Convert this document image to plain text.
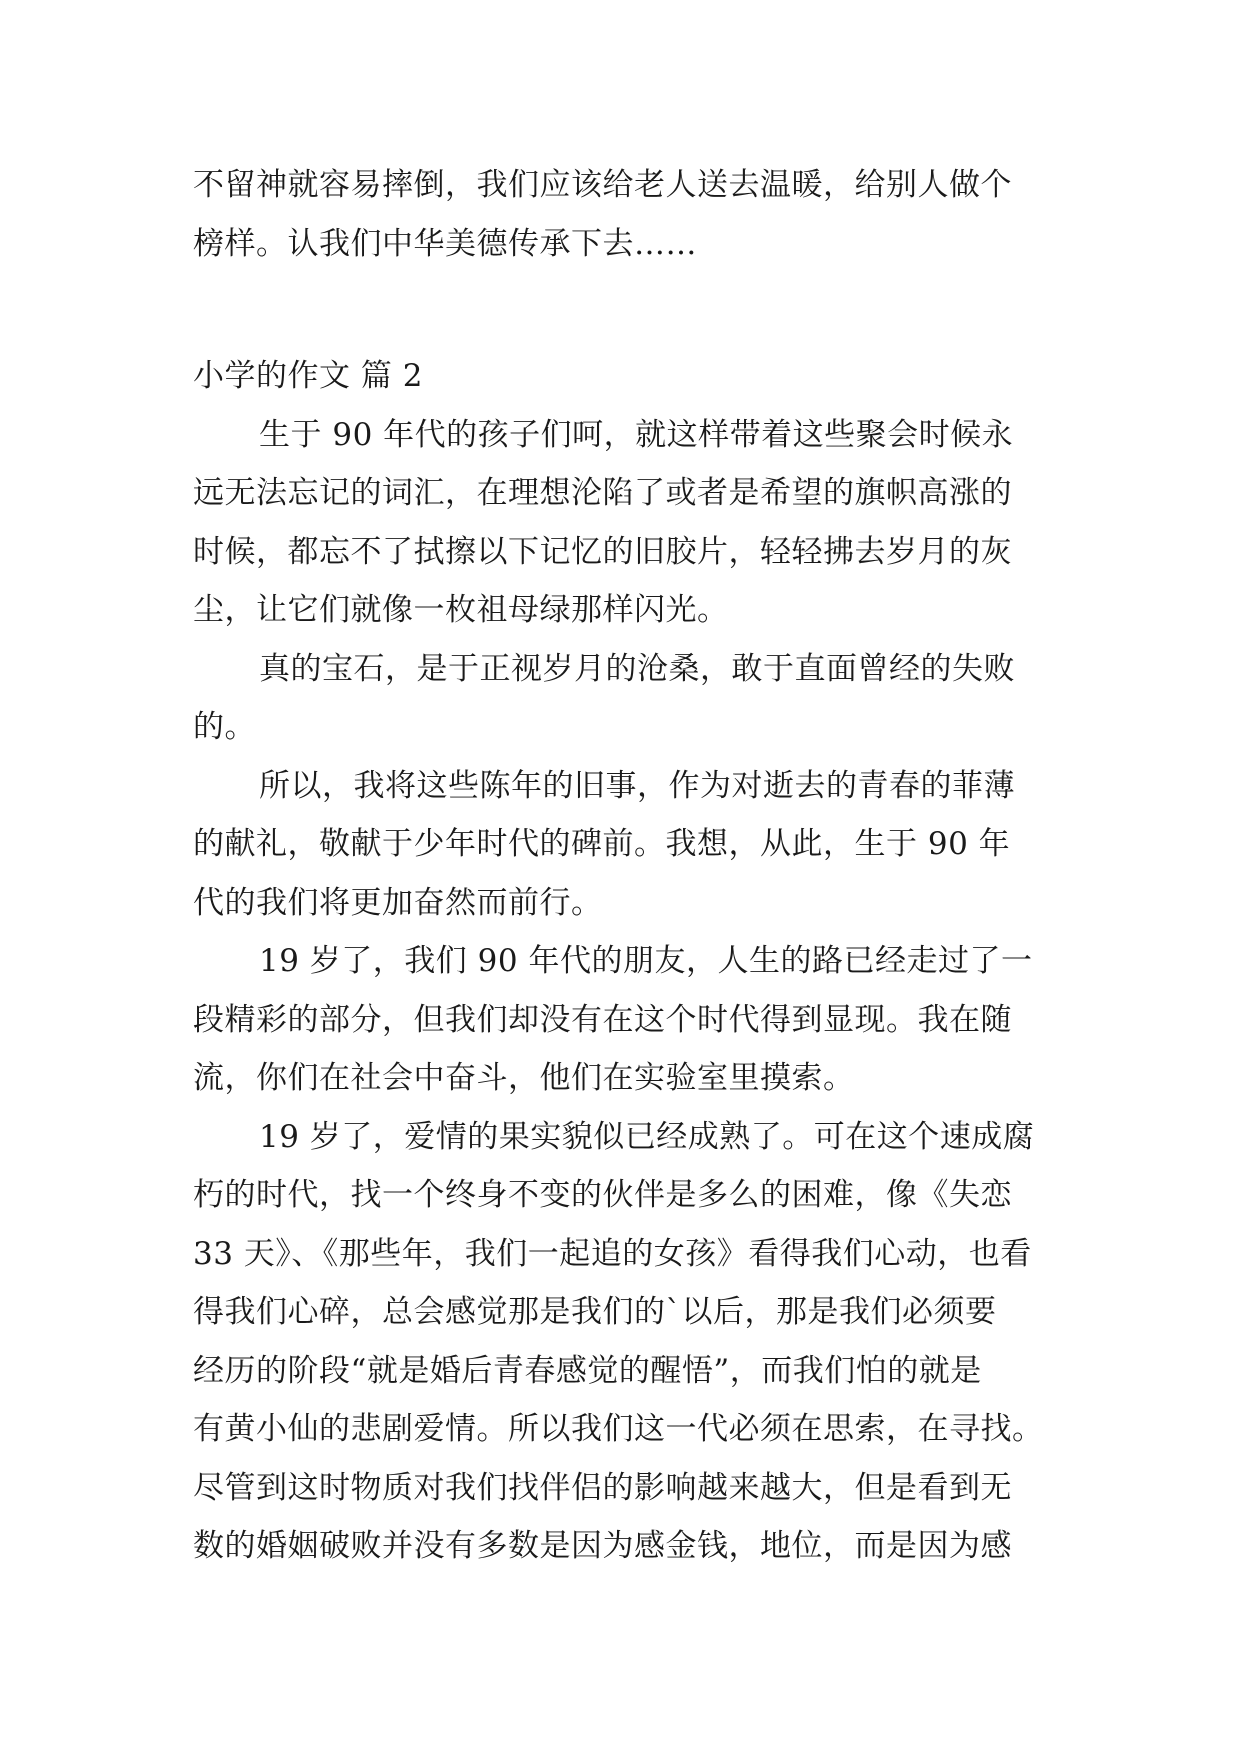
不留神就容易摔倒，我们应该给老人送去温暖，给别人做个
榜样。认我们中华美德传承下去……
小学的作文 篇 2
生于 90 年代的孩子们呵，就这样带着这些聚会时候永
远无法忘记的词汇，在理想沦陷了或者是希望的旗帜高涨的
时候，都忘不了拭擦以下记忆的旧胶片，轻轻拂去岁月的灰
尘，让它们就像一枚祖母绿那样闪光。
真的宝石，是于正视岁月的沧桑，敢于直面曾经的失败
的。
所以，我将这些陈年的旧事，作为对逝去的青春的菲薄
的献礼，敬献于少年时代的碑前。我想，从此，生于 90 年
代的我们将更加奋然而前行。
19 岁了，我们 90 年代的朋友，人生的路已经走过了一
段精彩的部分，但我们却没有在这个时代得到显现。我在随
流，你们在社会中奋斗，他们在实验室里摸索。
19 岁了，爱情的果实貌似已经成熟了。可在这个速成腐
朽的时代，找一个终身不变的伙伴是多么的困难，像《失恋
33 天》、《那些年，我们一起追的女孩》看得我们心动，也看
得我们心碎，总会感觉那是我们的`以后，那是我们必须要
经历的阶段“就是婚后青春感觉的醒悟”，而我们怕的就是
有黄小仙的悲剧爱情。所以我们这一代必须在思索，在寻找。
尽管到这时物质对我们找伴侣的影响越来越大，但是看到无
数的婚姻破败并没有多数是因为感金钱，地位，而是因为感
